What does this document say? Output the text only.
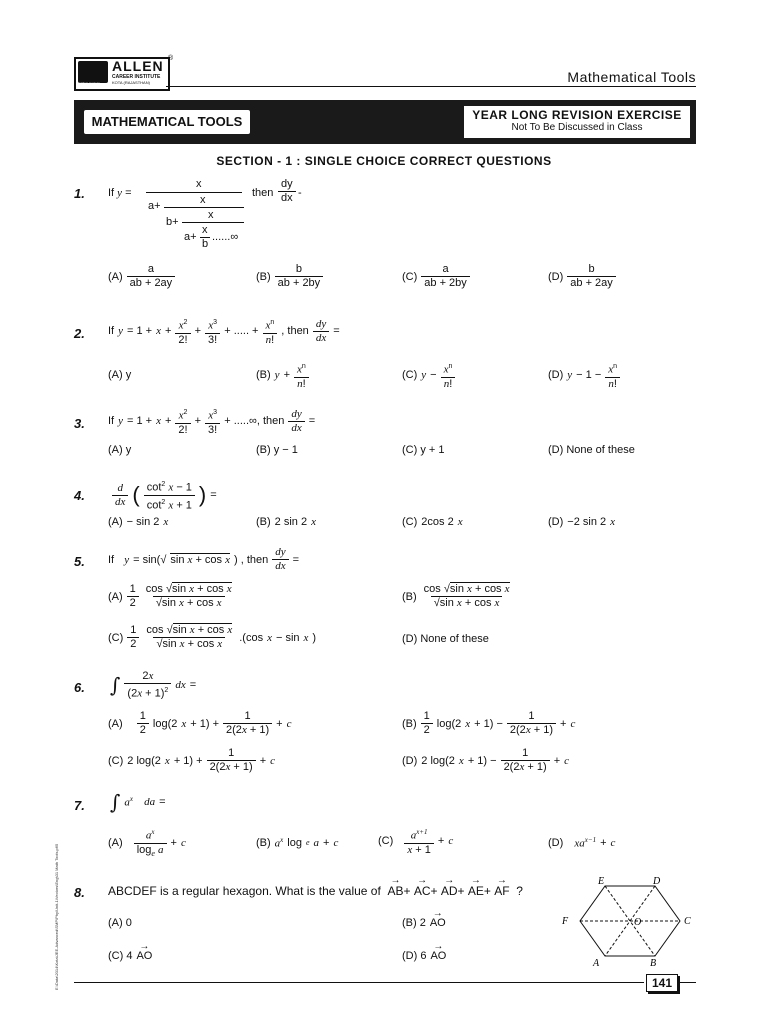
ALLEN
CAREER INSTITUTE
KOTA (RAJASTHAN)
path to success
®
Mathematical Tools
MATHEMATICAL TOOLS	YEAR LONG REVISION EXERCISE
Not To Be Discussed in Class
SECTION - 1 : SINGLE CHOICE CORRECT QUESTIONS
1. If y =
x
a+	x
b+
x
a+
x
b
......∞
then $\frac{dy}{dx}$ -
$(A) \frac{a}{ab + 2ay}$	$(B) \frac{b}{ab + 2by}$	$(C) \frac{a}{ab + 2by}$	$(D) \frac{b}{ab + 2ay}$
2. If $y = 1 + x + \frac{x^2}{2!} + \frac{x^3}{3!}$ + ..... + $\frac{x^n}{n!}$ , then $\frac{dy}{dx}$ =
(A) y	(B) $y + \frac{x^n}{n!}$	(C) $y - \frac{x^n}{n!}$	(D) $y - 1 - \frac{x^n}{n!}$
3. If $y = 1 + x + \frac{x^2}{2!} + \frac{x^3}{3!}$ + .....∞, then $\frac{dy}{dx}$ =
(A) y	(B) y − 1	(C) y + 1	(D) None of these
4. $\frac{d}{dx}$ ( $\frac{\cot^2 x - 1}{\cot^2 x + 1}$ ) =
(A) − sin 2 x	(B) 2 sin 2 x	(C) 2cos 2 x	(D) −2 sin 2 x
5. If y = sin(√ sin x + cos x ) , then $\frac{dy}{dx}$ =
$(A) \frac{1}{2} \frac{\text{cos √sin x + cos x}}{\text{√sin x + cos x}}$	$(B) \frac{\text{cos √sin x + cos x}}{\text{√sin x + cos x}}$
$(C) \frac{1}{2} \frac{\text{cos √sin x + cos x}}{\text{√sin x + cos x}} .(\cos$ x − sin x )	(D) None of these
6. ∫ $\frac{2x}{(2x + 1)^2}$ dx =
(A)
$\frac{1}{2} \log(2$ $x + 1) + \frac{1}{2(2x + 1)} + c$	$(B) \frac{1}{2} \log(2$ $x + 1) - \frac{1}{2(2x + 1)} + c$
(C) 2 log(2 $x + 1) + \frac{1}{2(2x + 1)} + c$	(D) 2 log(2 $x + 1) - \frac{1}{2(2x + 1)} + c$
7. ∫ $a^x$
da =
(A)
$\frac{a^x}{\log_e a} + c$	(B) $a^x$ log e a + c	(C)
$\frac{a^{x+1}}{x + 1} + c$	(D)
$xa^{x-1} + c$
8. ABCDEF is a regular hexagon. What is the value of → AB+ → AC+ → AD+ → AE+ → AF  ?
(A) 0	(B) 2 → AO
(C) 4 → AO	(D) 6 → AO
E	D
F	O	C
A	B
141
E:\Data\2014\Kota\JEE-Advanced\SMP\Phy\Unit-1\Vectors\Eng\01 Math Tools.p65
